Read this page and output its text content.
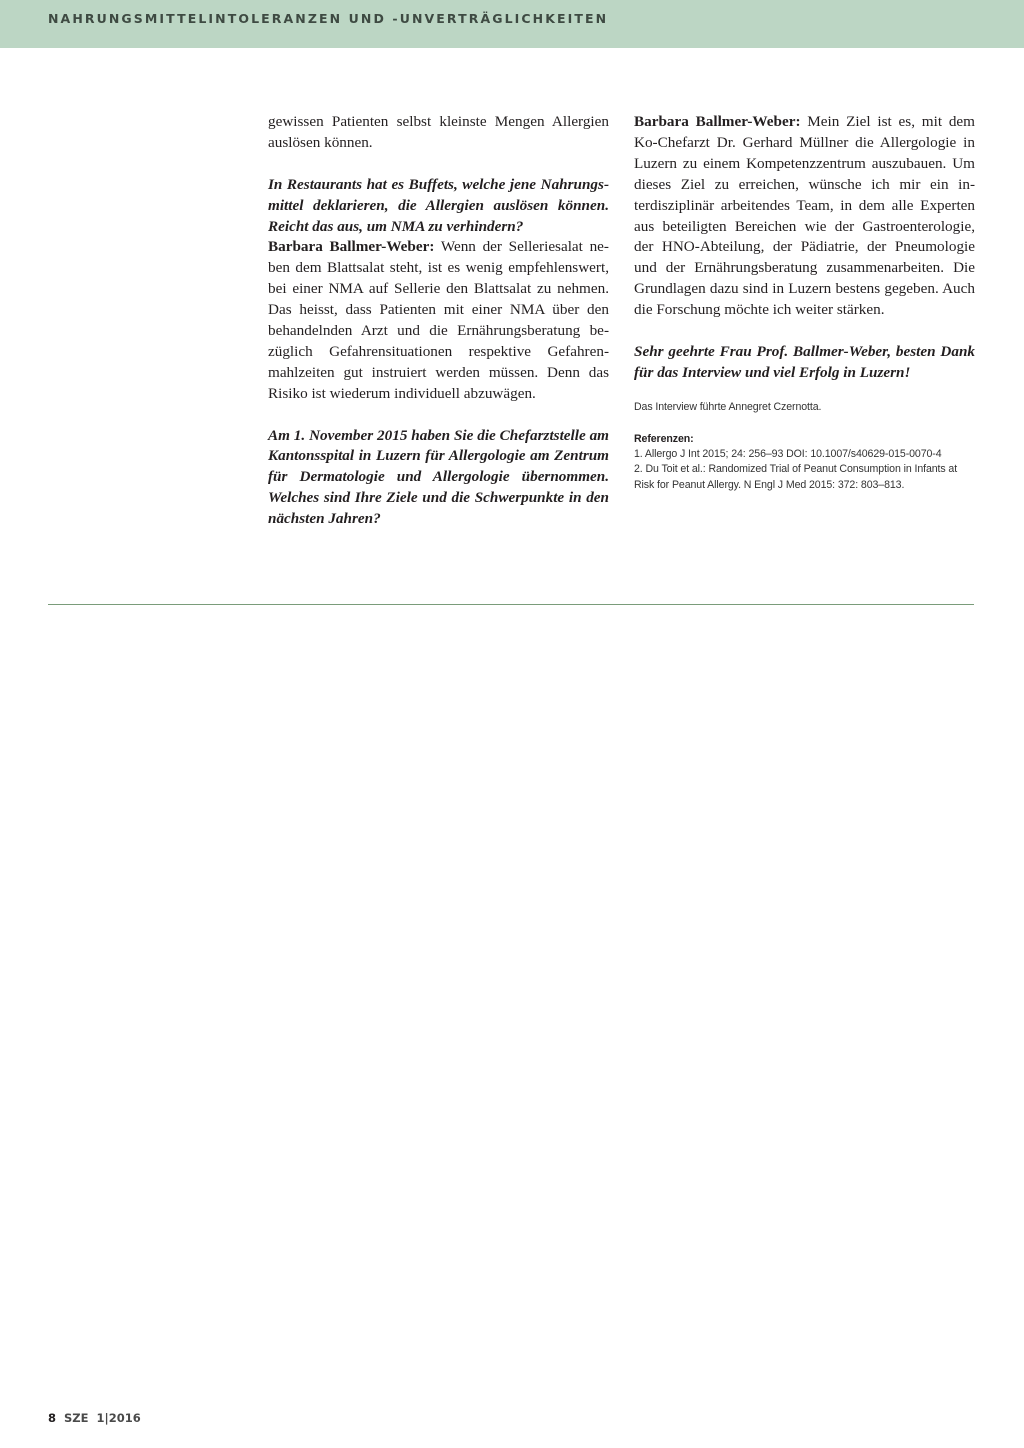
NAHRUNGSMITTELINTOLERANZEN UND -UNVERTRÄGLICHKEITEN

gewissen Patienten selbst kleinste Mengen Allergien auslösen können.

In Restaurants hat es Buffets, welche jene Nahrungsmittel deklarieren, die Allergien auslösen können. Reicht das aus, um NMA zu verhindern?

Barbara Ballmer-Weber: Wenn der Selleriesalat neben dem Blattsalat steht, ist es wenig empfehlenswert, bei einer NMA auf Sellerie den Blattsalat zu nehmen. Das heisst, dass Patienten mit einer NMA über den behandelnden Arzt und die Ernährungsberatung bezüglich Gefahrensituationen respektive Gefahrenmahlzeiten gut instruiert werden müssen. Denn das Risiko ist wiederum individuell abzuwägen.

Am 1. November 2015 haben Sie die Chefarztstelle am Kantonsspital in Luzern für Allergologie am Zentrum für Dermatologie und Allergologie übernommen. Welches sind Ihre Ziele und die Schwerpunkte in den nächsten Jahren?

Barbara Ballmer-Weber: Mein Ziel ist es, mit dem Ko-Chefarzt Dr. Gerhard Müllner die Allergologie in Luzern zu einem Kompetenzzentrum auszubauen. Um dieses Ziel zu erreichen, wünsche ich mir ein interdisziplinär arbeitendes Team, in dem alle Experten aus beteiligten Bereichen wie der Gastroenterologie, der HNO-Abteilung, der Pädiatrie, der Pneumologie und der Ernährungsberatung zusammenarbeiten. Die Grundlagen dazu sind in Luzern bestens gegeben. Auch die Forschung möchte ich weiter stärken.

Sehr geehrte Frau Prof. Ballmer-Weber, besten Dank für das Interview und viel Erfolg in Luzern!

Das Interview führte Annegret Czernotta.

Referenzen:
1. Allergo J Int 2015; 24: 256–93 DOI: 10.1007/s40629-015-0070-4
2. Du Toit et al.: Randomized Trial of Peanut Consumption in Infants at Risk for Peanut Allergy. N Engl J Med 2015: 372: 803–813.
8 SZE 1|2016
